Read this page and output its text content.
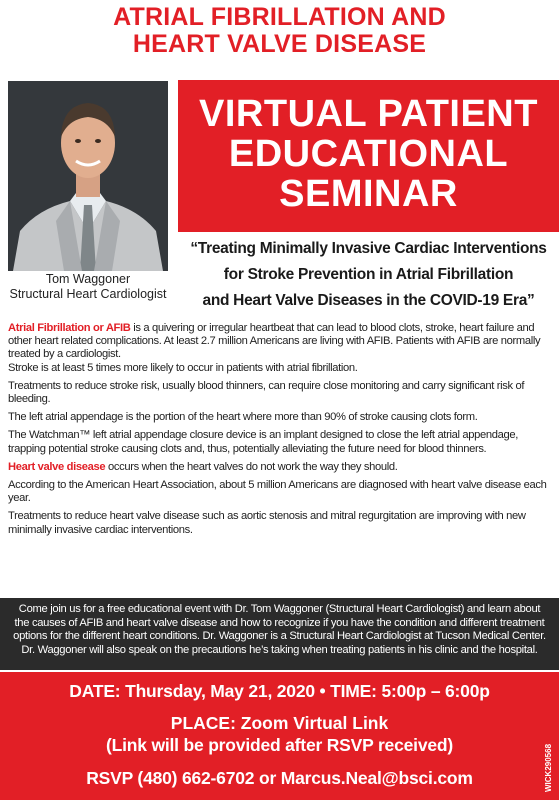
ATRIAL FIBRILLATION AND
HEART VALVE DISEASE
Tom Waggoner
Structural Heart Cardiologist
VIRTUAL PATIENT
EDUCATIONAL
SEMINAR
“Treating Minimally Invasive Cardiac Interventions
for Stroke Prevention in Atrial Fibrillation
and Heart Valve Diseases in the COVID-19 Era”

Atrial Fibrillation or AFIB is a quivering or irregular heartbeat that can lead to blood clots, stroke, heart failure and other heart related complications. At least 2.7 million Americans are living with AFIB. Patients with AFIB are normally treated by a cardiologist.

Stroke is at least 5 times more likely to occur in patients with atrial fibrillation.

Treatments to reduce stroke risk, usually blood thinners, can require close monitoring and carry significant risk of bleeding.

The left atrial appendage is the portion of the heart where more than 90% of stroke causing clots form.

The Watchman™ left atrial appendage closure device is an implant designed to close the left atrial appendage, trapping potential stroke causing clots and, thus, potentially alleviating the future need for blood thinners.

Heart valve disease occurs when the heart valves do not work the way they should.

According to the American Heart Association, about 5 million Americans are diagnosed with heart valve disease each year.

Treatments to reduce heart valve disease such as aortic stenosis and mitral regurgitation are improving with new minimally invasive cardiac interventions.

Come join us for a free educational event with Dr. Tom Waggoner (Structural Heart Cardiologist) and learn about
the causes of AFIB and heart valve disease and how to recognize if you have the condition and different treatment
options for the different heart conditions. Dr. Waggoner is a Structural Heart Cardiologist at Tucson Medical Center.
Dr. Waggoner will also speak on the precautions he’s taking when treating patients in his clinic and the hospital.
DATE: Thursday, May 21, 2020 • TIME: 5:00p – 6:00p
PLACE: Zoom Virtual Link
(Link will be provided after RSVP received)
RSVP (480) 662-6702 or Marcus.Neal@bsci.com	WICK290568
